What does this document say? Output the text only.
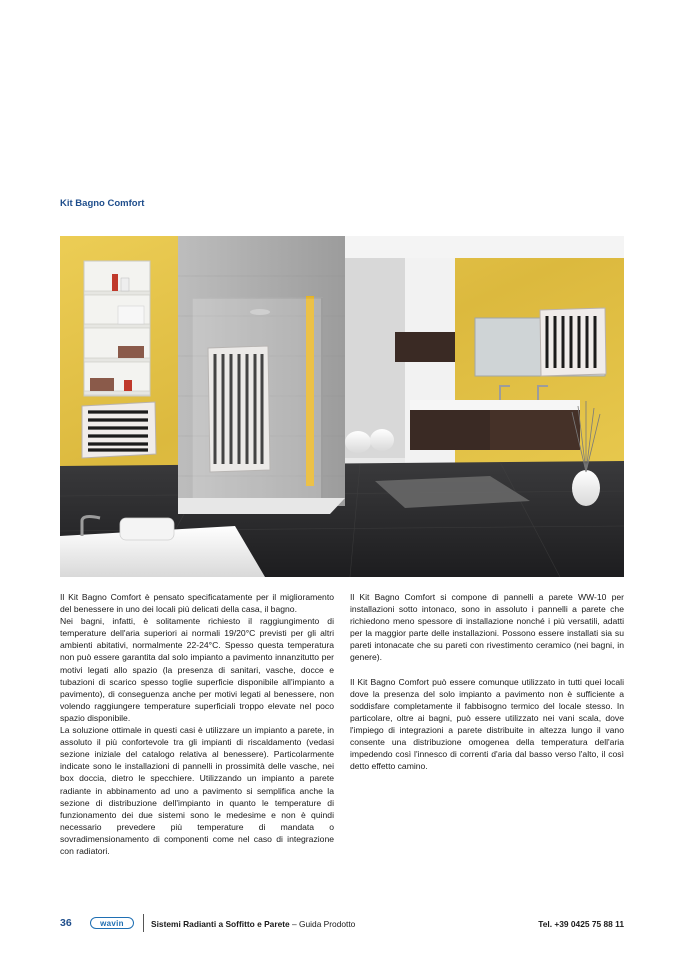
Kit Bagno Comfort

Il Kit Bagno Comfort è pensato specificatamente per il miglioramento del benessere in uno dei locali più delicati della casa, il bagno.

Nei bagni, infatti, è solitamente richiesto il raggiungimento di temperature dell'aria superiori ai normali 19/20°C previsti per gli altri ambienti abitativi, normalmente 22-24°C. Spesso questa temperatura non può essere garantita dal solo impianto a pavimento innanzitutto per motivi legati allo spazio (la presenza di sanitari, vasche, docce e tubazioni di scarico spesso toglie superficie disponibile all'impianto a pavimento), di conseguenza anche per motivi legati al benessere, non volendo raggiungere temperature superficiali troppo elevate nel poco spazio disponibile.

La soluzione ottimale in questi casi è utilizzare un impianto a parete, in assoluto il più confortevole tra gli impianti di riscaldamento (vedasi sezione iniziale del catalogo relativa al benessere). Particolarmente indicate sono le installazioni di pannelli in prossimità delle vasche, nei box doccia, dietro le specchiere. Utilizzando un impianto a parete radiante in abbinamento ad uno a pavimento si semplifica anche la sezione di distribuzione dell'impianto in quanto le temperature di funzionamento dei due sistemi sono le medesime e non è quindi necessario prevedere più temperature di mandata o sovradimensionamento di componenti come nel caso di integrazione con radiatori.

Il Kit Bagno Comfort si compone di pannelli a parete WW-10 per installazioni sotto intonaco, sono in assoluto i pannelli a parete che richiedono meno spessore di installazione nonché i più versatili, adatti per la maggior parte delle installazioni. Possono essere installati sia su pareti intonacate che su pareti con rivestimento ceramico (nei bagni, in genere).

Il Kit Bagno Comfort può essere comunque utilizzato in tutti quei locali dove la presenza del solo impianto a pavimento non è sufficiente a soddisfare completamente il fabbisogno termico del locale stesso. In particolare, oltre ai bagni, può essere utilizzato nei vani scala, dove l'impiego di integrazioni a parete distribuite in altezza lungo il vano consente una distribuzione omogenea della temperatura dell'aria impedendo così l'innesco di correnti d'aria dal basso verso l'alto, il così detto effetto camino.

36	wavin	Sistemi Radianti a Soffitto e Parete – Guida Prodotto	Tel. +39 0425 75 88 11
